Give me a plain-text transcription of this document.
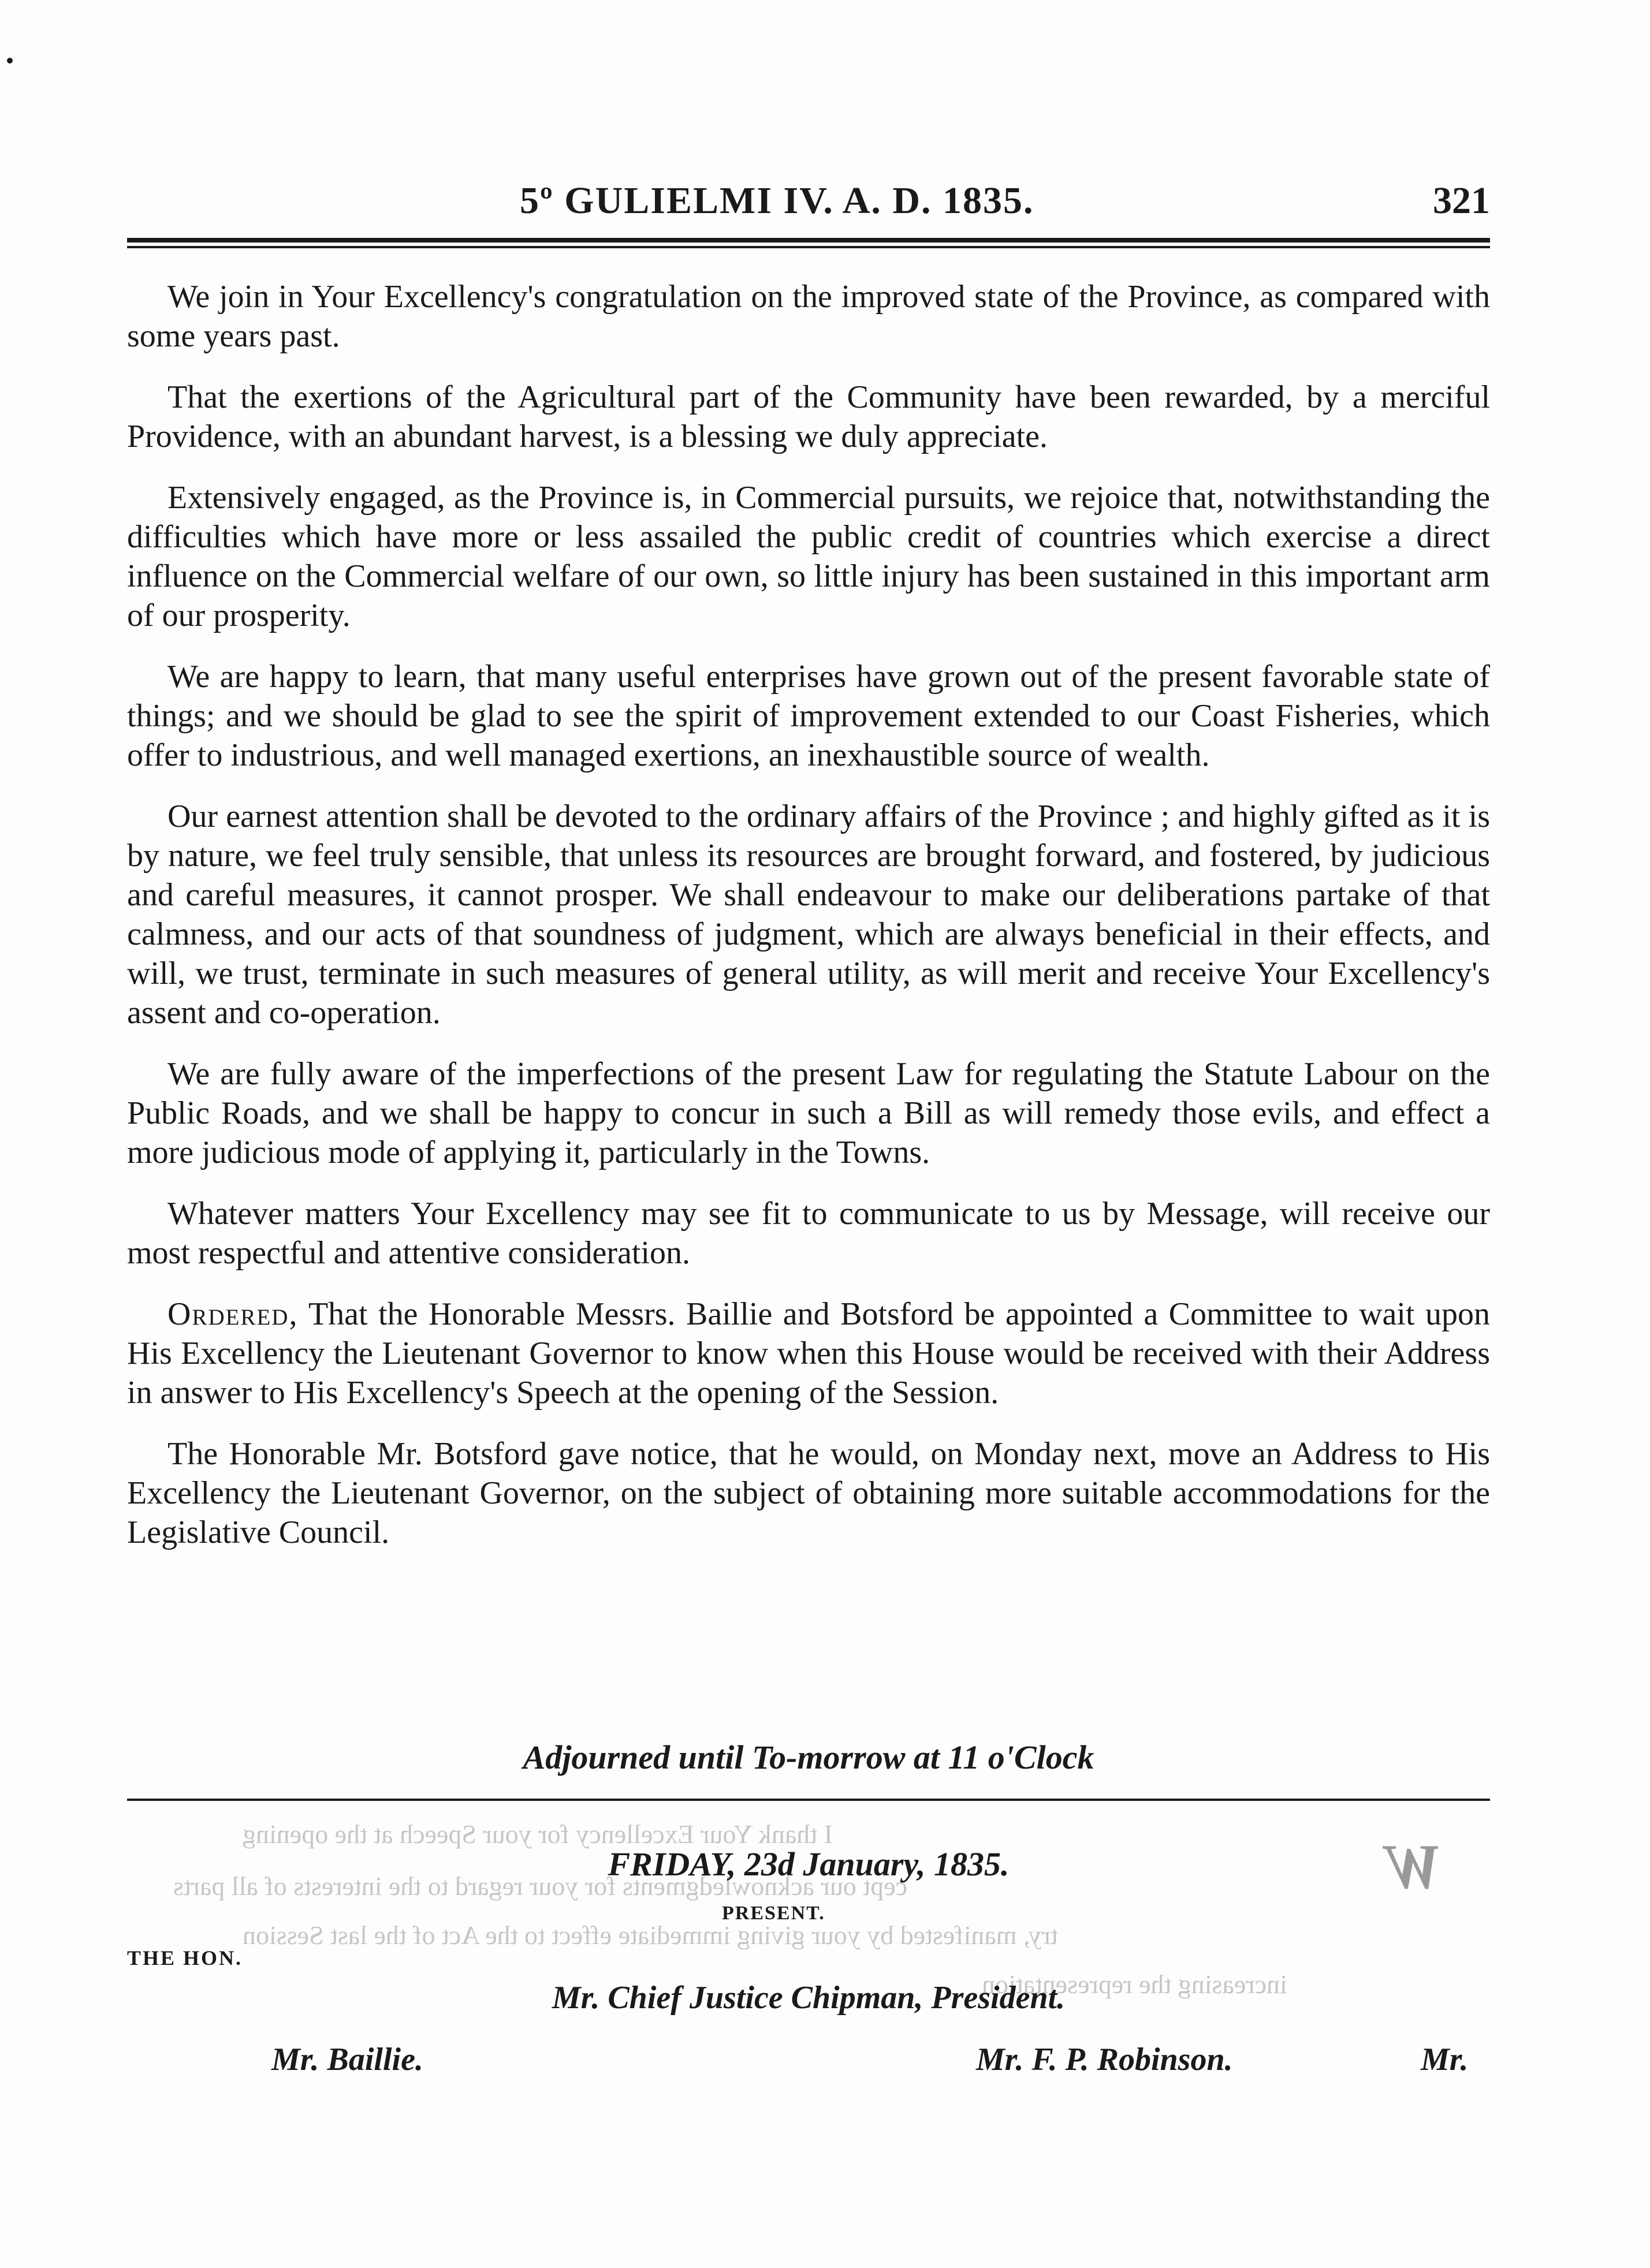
5º GULIELMI IV. A. D. 1835.	321

We join in Your Excellency's congratulation on the improved state of the Province, as compared with some years past.

That the exertions of the Agricultural part of the Community have been rewarded, by a merciful Providence, with an abundant harvest, is a blessing we duly appreciate.

Extensively engaged, as the Province is, in Commercial pursuits, we rejoice that, notwithstanding the difficulties which have more or less assailed the public credit of countries which exercise a direct influence on the Commercial welfare of our own, so little injury has been sustained in this important arm of our prosperity.

We are happy to learn, that many useful enterprises have grown out of the present favorable state of things; and we should be glad to see the spirit of improvement extended to our Coast Fisheries, which offer to industrious, and well managed exertions, an inexhaustible source of wealth.

Our earnest attention shall be devoted to the ordinary affairs of the Province ; and highly gifted as it is by nature, we feel truly sensible, that unless its resources are brought forward, and fostered, by judicious and careful measures, it cannot prosper. We shall endeavour to make our deliberations partake of that calmness, and our acts of that soundness of judgment, which are always beneficial in their effects, and will, we trust, terminate in such measures of general utility, as will merit and receive Your Excellency's assent and co-operation.

We are fully aware of the imperfections of the present Law for regulating the Statute Labour on the Public Roads, and we shall be happy to concur in such a Bill as will remedy those evils, and effect a more judicious mode of applying it, particularly in the Towns.

Whatever matters Your Excellency may see fit to communicate to us by Message, will receive our most respectful and attentive consideration.

Ordered, That the Honorable Messrs. Baillie and Botsford be appointed a Committee to wait upon His Excellency the Lieutenant Governor to know when this House would be received with their Address in answer to His Excellency's Speech at the opening of the Session.

The Honorable Mr. Botsford gave notice, that he would, on Monday next, move an Address to His Excellency the Lieutenant Governor, on the subject of obtaining more suitable accommodations for the Legislative Council.

Adjourned until To-morrow at 11 o'Clock
I thank Your Excellency for your Speech at the opening
cept our acknowledgments for your regard to the interests of all parts
try, manifested by your giving immediate effect to the Act of the last Session
increasing the representation
W
FRIDAY, 23d January, 1835.
PRESENT.
THE HON.
Mr. Chief Justice Chipman, President.
Mr. Baillie.	Mr. F. P. Robinson.	Mr.
